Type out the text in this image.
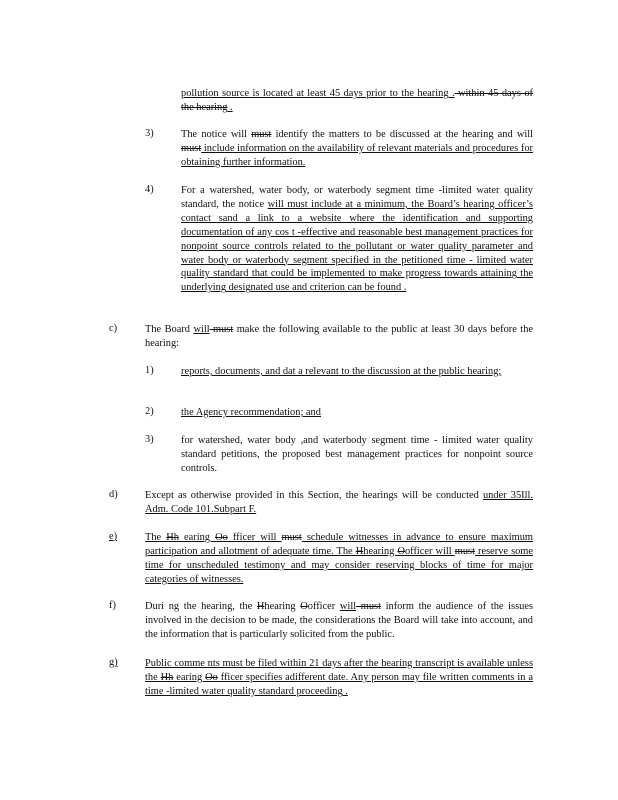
pollution source is located at least 45 days prior to the hearing . within 45 days of the hearing .
3)	The notice will must identify the matters to be discussed at the hearing and will must include information on the availability of relevant materials and procedures for obtaining further information.
4)	For a watershed, water body, or waterbody segment time -limited water quality standard, the notice will must include at a minimum, the Board’s hearing officer’s contact sand a link to a website where the identification and supporting documentation of any cos t -effective and reasonable best management practices for nonpoint source controls related to the pollutant or water quality parameter and water body or waterbody segment specified in the petitioned time - limited water quality standard that could be implemented to make progress towards attaining the underlying designated use and criterion can be found .
c)	The Board will must make the following available to the public at least 30 days before the hearing:
1)	reports, documents, and dat a relevant to the discussion at the public hearing;
2)	the Agency recommendation; and
3)	for watershed, water body ,and waterbody segment time - limited water quality standard petitions, the proposed best management practices for nonpoint source controls.
d)	Except as otherwise provided in this Section, the hearings will be conducted under 35Ill. Adm. Code 101.Subpart F.
e)	The Hh earing Oo fficer will must schedule witnesses in advance to ensure maximum participation and allotment of adequate time. The Hhearing Oofficer will must reserve some time for unscheduled testimony and may consider reserving blocks of time for major categories of witnesses.
f)	Duri ng the hearing, the Hhearing Oofficer will must inform the audience of the issues involved in the decision to be made, the considerations the Board will take into account, and the information that is particularly solicited from the public.
g)	Public comme nts must be filed within 21 days after the hearing transcript is available unless the Hh earing Oo fficer specifies adifferent date. Any person may file written comments in a time -limited water quality standard proceeding .
